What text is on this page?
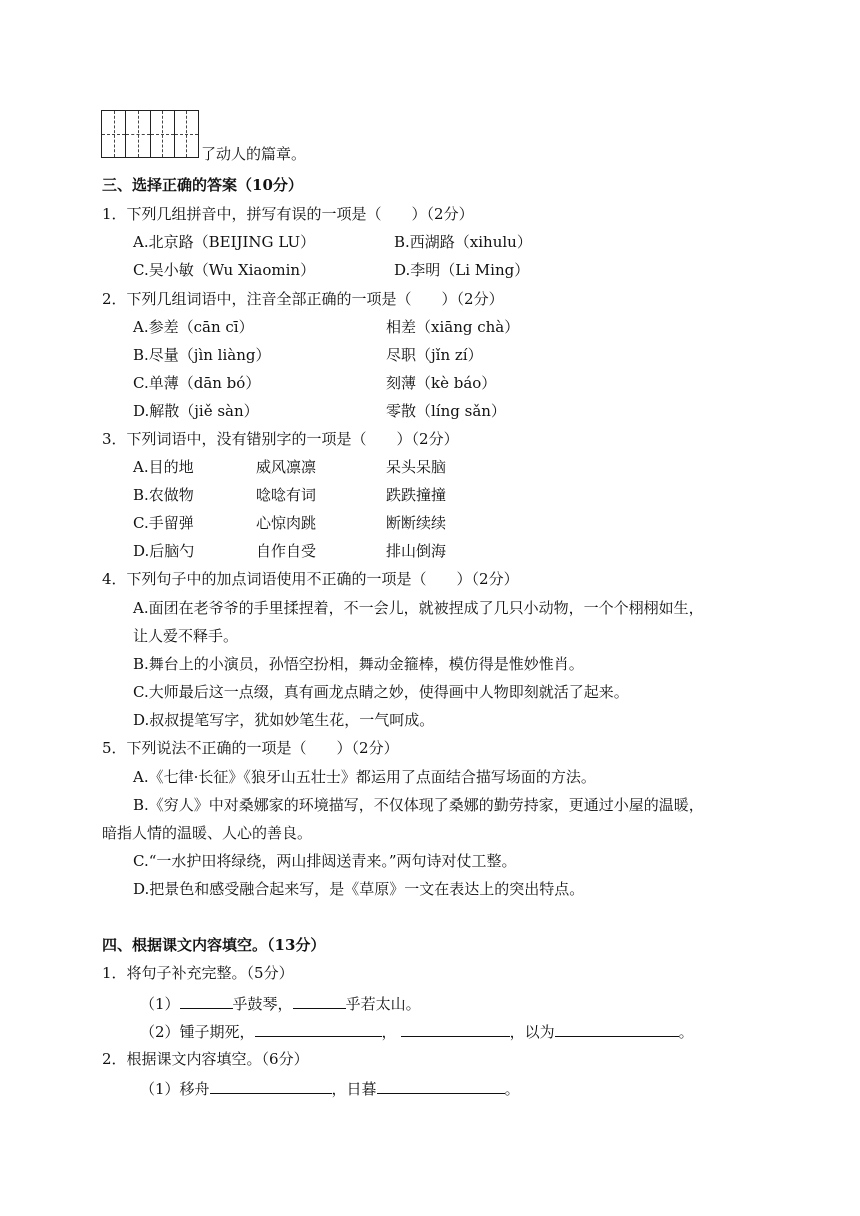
了动人的篇章。
三、选择正确的答案（10分）
1．下列几组拼音中，拼写有误的一项是（　　）（2分）
A.北京路（BEIJING LU）	B.西湖路（xihulu）
C.吴小敏（Wu Xiaomin）	D.李明（Li Ming）
2．下列几组词语中，注音全部正确的一项是（　　）（2分）
A.参差（cān cī）	相差（xiāng chà）
B.尽量（jìn liàng）	尽职（jǐn zí）
C.单薄（dān bó）	刻薄（kè báo）
D.解散（jiě sàn）	零散（líng sǎn）
3．下列词语中，没有错别字的一项是（　　）（2分）
A.目的地	威风凛凛	呆头呆脑
B.农做物	唸唸有词	跌跌撞撞
C.手留弹	心惊肉跳	断断续续
D.后脑勺	自作自受	排山倒海
4．下列句子中的加点词语使用不正确的一项是（　　）（2分）
A.面团在老爷爷的手里揉捏着，不一会儿，就被捏成了几只小动物，一个个栩栩如生，
让人爱不释手。
B.舞台上的小演员，孙悟空扮相，舞动金箍棒，模仿得是惟妙惟肖。
C.大师最后这一点缀，真有画龙点睛之妙，使得画中人物即刻就活了起来。
D.叔叔提笔写字，犹如妙笔生花，一气呵成。
5．下列说法不正确的一项是（　　）（2分）
A.《七律·长征》《狼牙山五壮士》都运用了点面结合描写场面的方法。
B.《穷人》中对桑娜家的环境描写，不仅体现了桑娜的勤劳持家，更通过小屋的温暖，
暗指人情的温暖、人心的善良。
C.“一水护田将绿绕，两山排闼送青来。”两句诗对仗工整。
D.把景色和感受融合起来写，是《草原》一文在表达上的突出特点。
四、根据课文内容填空。（13分）
1．将句子补充完整。（5分）
（1）	乎鼓琴，	乎若太山。
（2）锺子期死，	，	，以为	。
2．根据课文内容填空。（6分）
（1）移舟	，日暮	。
